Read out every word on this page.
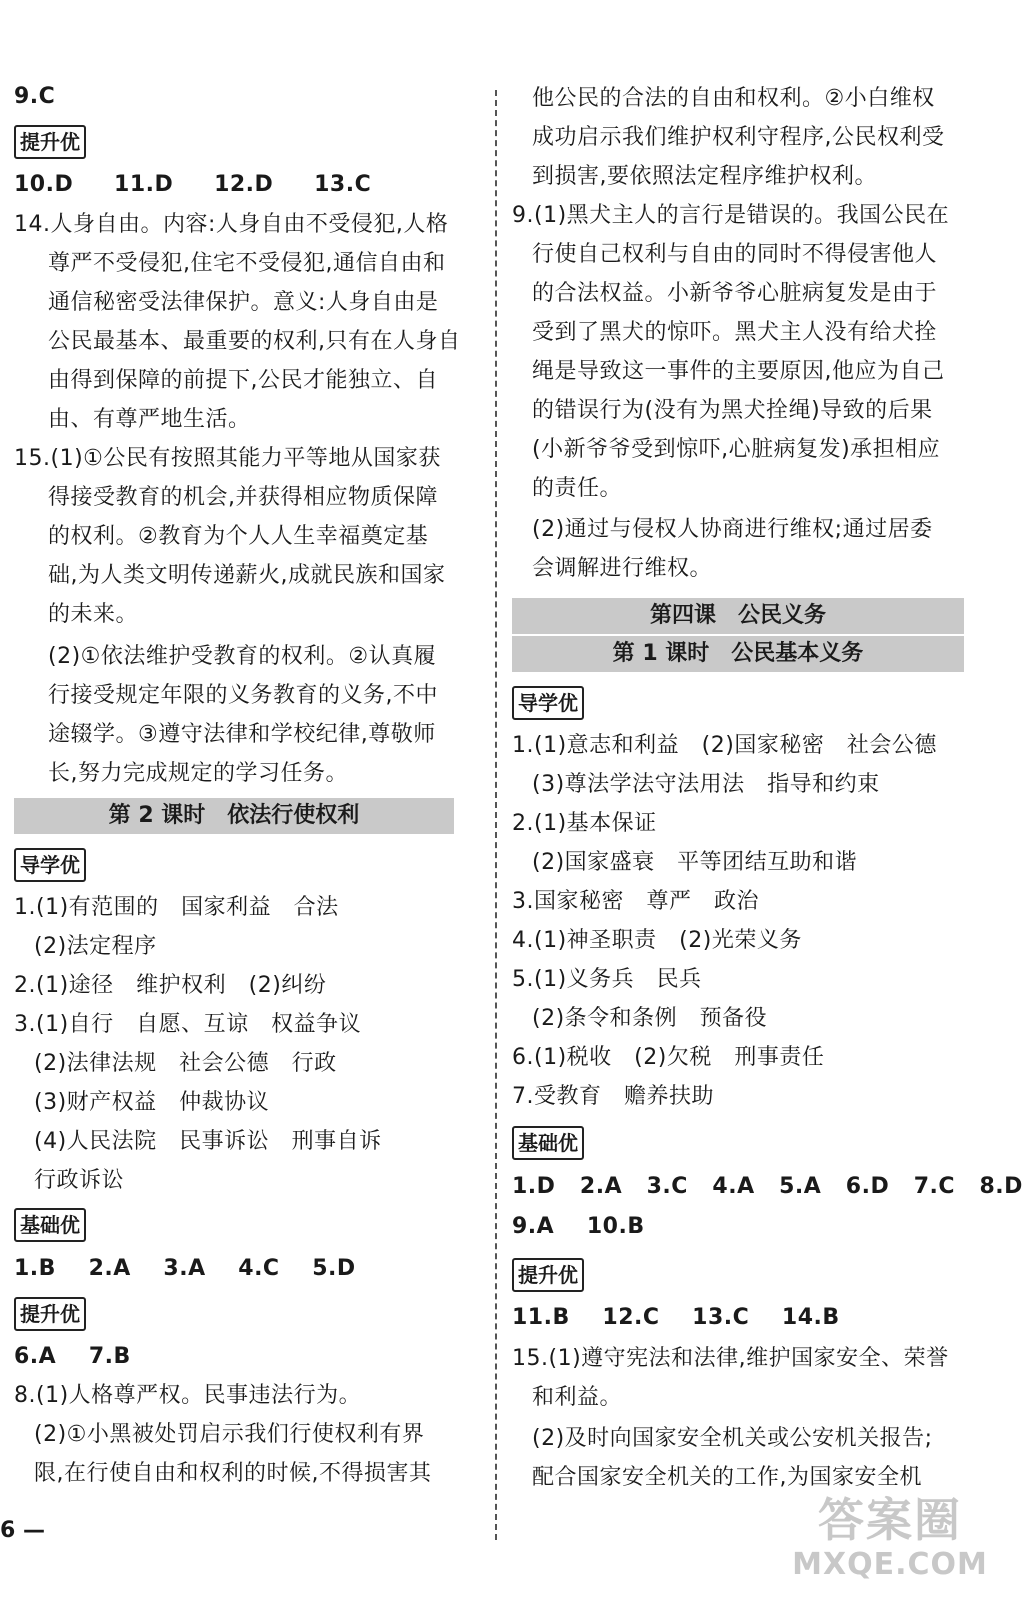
9.C
提升优
10.D 11.D 12.D 13.C
14.人身自由。内容:人身自由不受侵犯,人格
尊严不受侵犯,住宅不受侵犯,通信自由和
通信秘密受法律保护。意义:人身自由是
公民最基本、最重要的权利,只有在人身自
由得到保障的前提下,公民才能独立、自
由、有尊严地生活。
15.(1)①公民有按照其能力平等地从国家获
得接受教育的机会,并获得相应物质保障
的权利。②教育为个人人生幸福奠定基
础,为人类文明传递薪火,成就民族和国家
的未来。
(2)①依法维护受教育的权利。②认真履
行接受规定年限的义务教育的义务,不中
途辍学。③遵守法律和学校纪律,尊敬师
长,努力完成规定的学习任务。
第 2 课时　依法行使权利
导学优
1.(1)有范围的　国家利益　合法
(2)法定程序
2.(1)途径　维护权利　(2)纠纷
3.(1)自行　自愿、互谅　权益争议
(2)法律法规　社会公德　行政
(3)财产权益　仲裁协议
(4)人民法院　民事诉讼　刑事自诉
行政诉讼
基础优
1.B 2.A 3.A 4.C 5.D
提升优
6.A 7.B
8.(1)人格尊严权。民事违法行为。
(2)①小黑被处罚启示我们行使权利有界
限,在行使自由和权利的时候,不得损害其
6 —
他公民的合法的自由和权利。②小白维权
成功启示我们维护权利守程序,公民权利受
到损害,要依照法定程序维护权利。
9.(1)黑犬主人的言行是错误的。我国公民在
行使自己权利与自由的同时不得侵害他人
的合法权益。小新爷爷心脏病复发是由于
受到了黑犬的惊吓。黑犬主人没有给犬拴
绳是导致这一事件的主要原因,他应为自己
的错误行为(没有为黑犬拴绳)导致的后果
(小新爷爷受到惊吓,心脏病复发)承担相应
的责任。
(2)通过与侵权人协商进行维权;通过居委
会调解进行维权。
第四课　公民义务
第 1 课时　公民基本义务
导学优
1.(1)意志和利益　(2)国家秘密　社会公德
(3)尊法学法守法用法　指导和约束
2.(1)基本保证
(2)国家盛衰　平等团结互助和谐
3.国家秘密　尊严　政治
4.(1)神圣职责　(2)光荣义务
5.(1)义务兵　民兵
(2)条令和条例　预备役
6.(1)税收　(2)欠税　刑事责任
7.受教育　赡养扶助
基础优
1.D 2.A 3.C 4.A 5.A 6.D 7.C 8.D
9.A 10.B
提升优
11.B 12.C 13.C 14.B
15.(1)遵守宪法和法律,维护国家安全、荣誉
和利益。
(2)及时向国家安全机关或公安机关报告;
配合国家安全机关的工作,为国家安全机
答案圈
MXQE.COM
